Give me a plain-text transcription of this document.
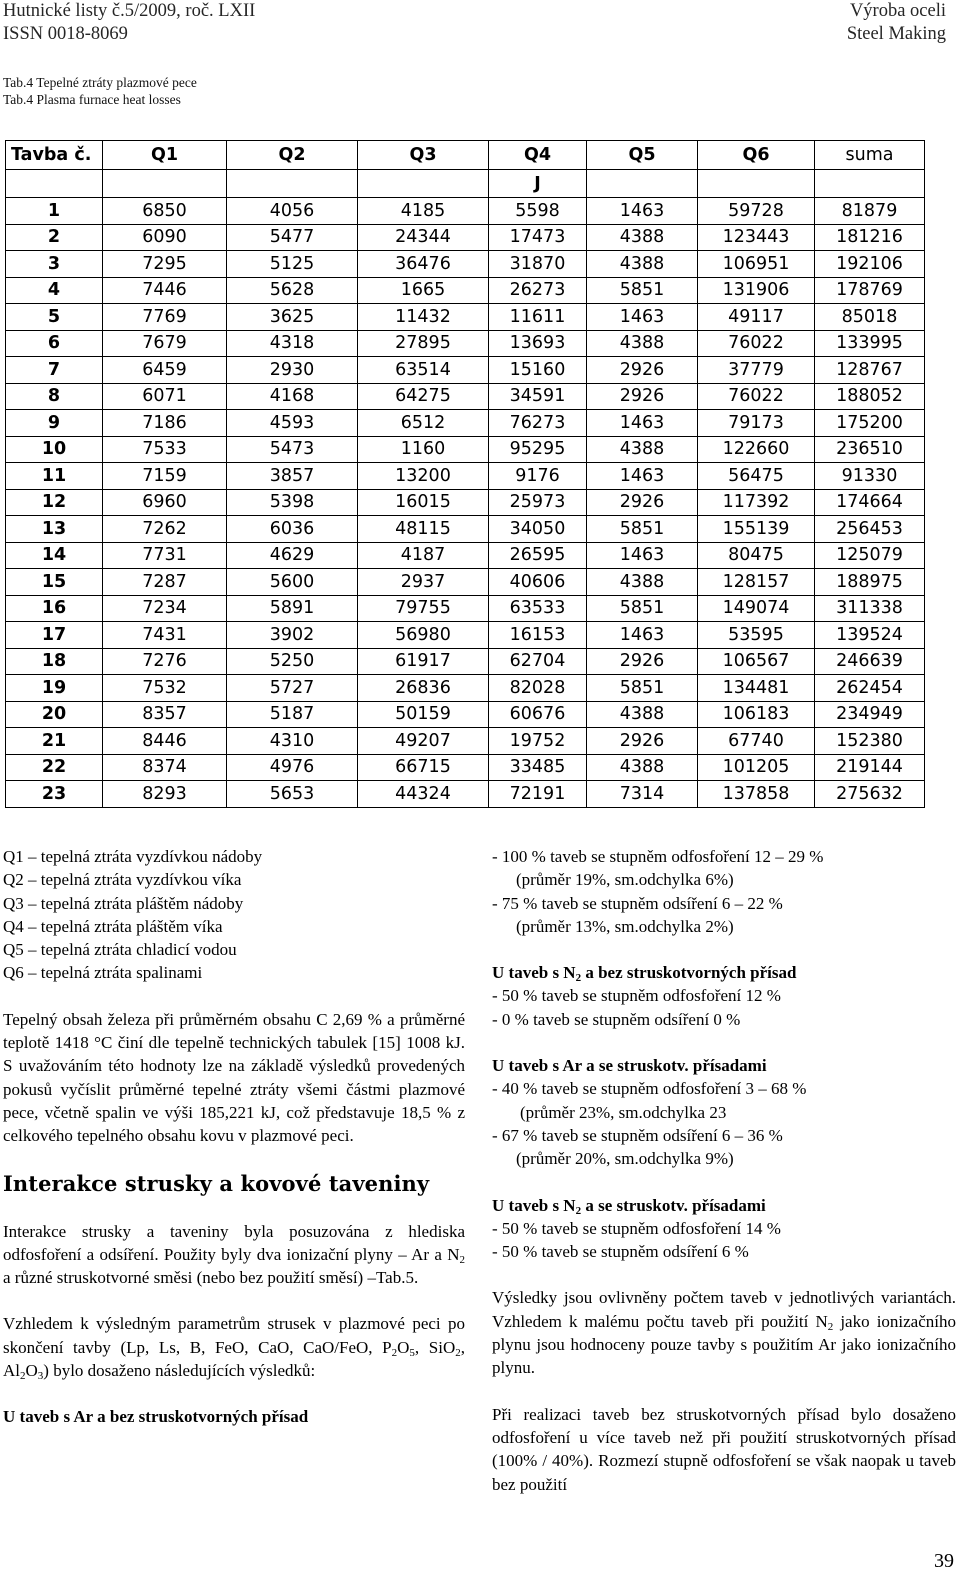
Hutnické listy č.5/2009, roč. LXII
ISSN 0018-8069
Výroba oceli
Steel Making
Tab.4 Tepelné ztráty plazmové pece
Tab.4 Plasma furnace heat losses
Tavba č.	Q1	Q2	Q3	Q4	Q5	Q6	suma
				J			
1	6850	4056	4185	5598	1463	59728	81879
2	6090	5477	24344	17473	4388	123443	181216
3	7295	5125	36476	31870	4388	106951	192106
4	7446	5628	1665	26273	5851	131906	178769
5	7769	3625	11432	11611	1463	49117	85018
6	7679	4318	27895	13693	4388	76022	133995
7	6459	2930	63514	15160	2926	37779	128767
8	6071	4168	64275	34591	2926	76022	188052
9	7186	4593	6512	76273	1463	79173	175200
10	7533	5473	1160	95295	4388	122660	236510
11	7159	3857	13200	9176	1463	56475	91330
12	6960	5398	16015	25973	2926	117392	174664
13	7262	6036	48115	34050	5851	155139	256453
14	7731	4629	4187	26595	1463	80475	125079
15	7287	5600	2937	40606	4388	128157	188975
16	7234	5891	79755	63533	5851	149074	311338
17	7431	3902	56980	16153	1463	53595	139524
18	7276	5250	61917	62704	2926	106567	246639
19	7532	5727	26836	82028	5851	134481	262454
20	8357	5187	50159	60676	4388	106183	234949
21	8446	4310	49207	19752	2926	67740	152380
22	8374	4976	66715	33485	4388	101205	219144
23	8293	5653	44324	72191	7314	137858	275632

Q1 – tepelná ztráta vyzdívkou nádoby

Q2 – tepelná ztráta vyzdívkou víka

Q3 – tepelná ztráta pláštěm nádoby

Q4 – tepelná ztráta pláštěm víka

Q5 – tepelná ztráta chladicí vodou

Q6 – tepelná ztráta spalinami

Tepelný obsah železa při průměrném obsahu C 2,69 % a průměrné teplotě 1418 °C činí dle tepelně technických tabulek [15] 1008 kJ. S uvažováním této hodnoty lze na základě výsledků provedených pokusů vyčíslit průměrné tepelné ztráty všemi částmi plazmové pece, včetně spalin ve výši 185,221 kJ, což představuje 18,5 % z celkového tepelného obsahu kovu v plazmové peci.

Interakce strusky a kovové taveniny

Interakce strusky a taveniny byla posuzována z hlediska odfosfoření a odsíření. Použity byly dva ionizační plyny – Ar a $N_2$ a různé struskotvorné směsi (nebo bez použití směsí) –Tab.5.

Vzhledem k výsledným parametrům strusek v plazmové peci po skončení tavby (Lp, Ls, B, FeO, CaO, CaO/FeO, $P_2O_5$, SiO$_2$, $Al_2O_3$) bylo dosaženo následujících výsledků:

U taveb s Ar a bez struskotvorných přísad

- 100 % taveb se stupněm odfosfoření 12 – 29 %

(průměr 19%, sm.odchylka 6%)

- 75 % taveb se stupněm odsíření 6 – 22 %

(průměr 13%, sm.odchylka 2%)

U taveb s $N_2$ a bez struskotvorných přísad

- 50 % taveb se stupněm odfosfoření 12 %

- 0 % taveb se stupněm odsíření 0 %

U taveb s Ar a se struskotv. přísadami

- 40 % taveb se stupněm odfosfoření 3 – 68 %

(průměr 23%, sm.odchylka 23

- 67 % taveb se stupněm odsíření 6 – 36 %

(průměr 20%, sm.odchylka 9%)

U taveb s $N_2$ a se struskotv. přísadami

- 50 % taveb se stupněm odfosfoření 14 %

- 50 % taveb se stupněm odsíření 6 %

Výsledky jsou ovlivněny počtem taveb v jednotlivých variantách. Vzhledem k malému počtu taveb při použití $N_2$ jako ionizačního plynu jsou hodnoceny pouze tavby s použitím Ar jako ionizačního plynu.

Při realizaci taveb bez struskotvorných přísad bylo dosaženo odfosfoření u více taveb než při použití struskotvorných přísad (100% / 40%). Rozmezí stupně odfosfoření se však naopak u taveb bez použití

39
